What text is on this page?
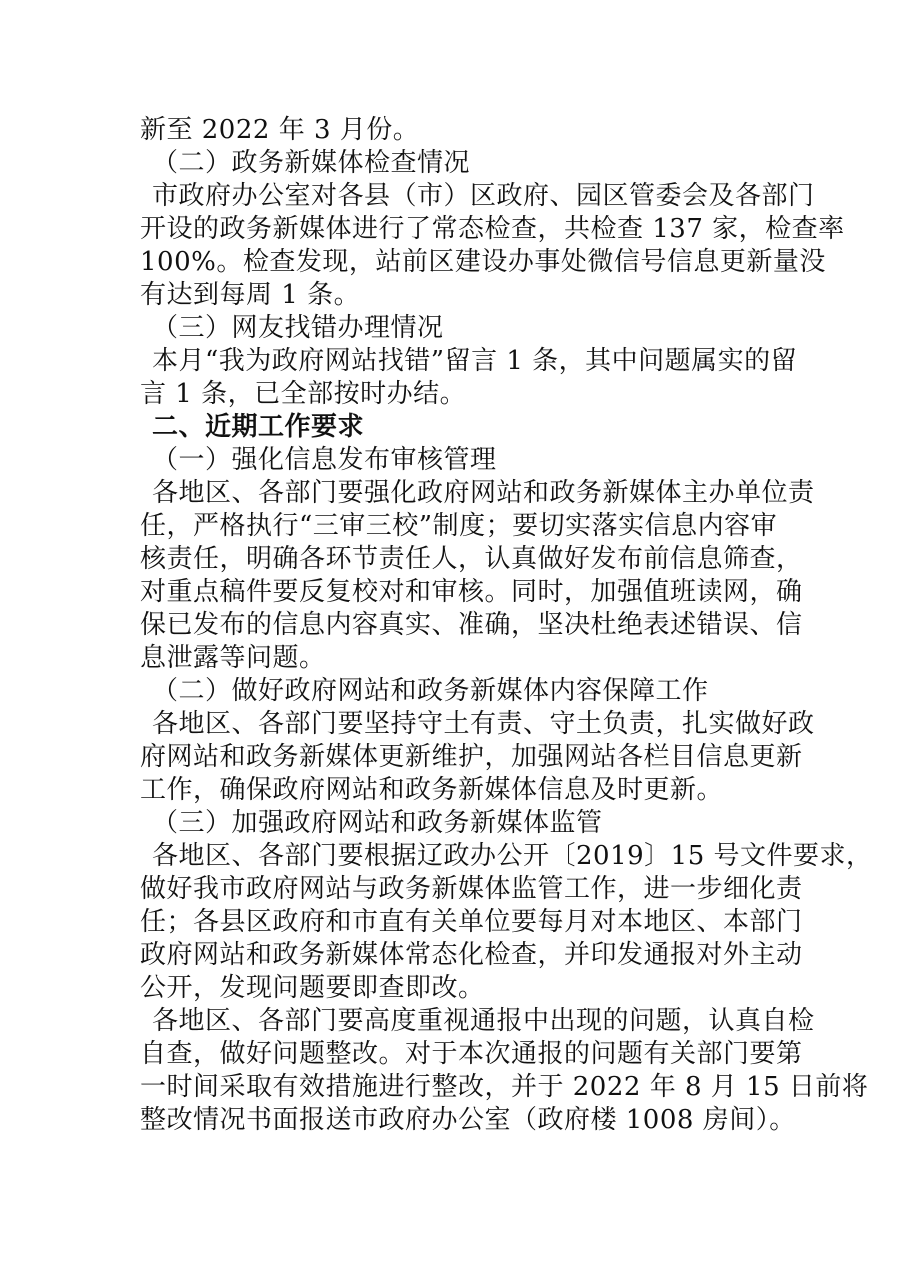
新至 2022 年 3 月份。
（二）政务新媒体检查情况
市政府办公室对各县（市）区政府、园区管委会及各部门
开设的政务新媒体进行了常态检查，共检查 137 家，检查率
100%。检查发现，站前区建设办事处微信号信息更新量没
有达到每周 1 条。
（三）网友找错办理情况
本月“我为政府网站找错”留言 1 条，其中问题属实的留
言 1 条，已全部按时办结。
二、近期工作要求
（一）强化信息发布审核管理
各地区、各部门要强化政府网站和政务新媒体主办单位责
任，严格执行“三审三校”制度；要切实落实信息内容审
核责任，明确各环节责任人，认真做好发布前信息筛查，
对重点稿件要反复校对和审核。同时，加强值班读网，确
保已发布的信息内容真实、准确，坚决杜绝表述错误、信
息泄露等问题。
（二）做好政府网站和政务新媒体内容保障工作
各地区、各部门要坚持守土有责、守土负责，扎实做好政
府网站和政务新媒体更新维护，加强网站各栏目信息更新
工作，确保政府网站和政务新媒体信息及时更新。
（三）加强政府网站和政务新媒体监管
各地区、各部门要根据辽政办公开〔2019〕15 号文件要求，
做好我市政府网站与政务新媒体监管工作，进一步细化责
任；各县区政府和市直有关单位要每月对本地区、本部门
政府网站和政务新媒体常态化检查，并印发通报对外主动
公开，发现问题要即查即改。
各地区、各部门要高度重视通报中出现的问题，认真自检
自查，做好问题整改。对于本次通报的问题有关部门要第
一时间采取有效措施进行整改，并于 2022 年 8 月 15 日前将
整改情况书面报送市政府办公室（政府楼 1008 房间）。
